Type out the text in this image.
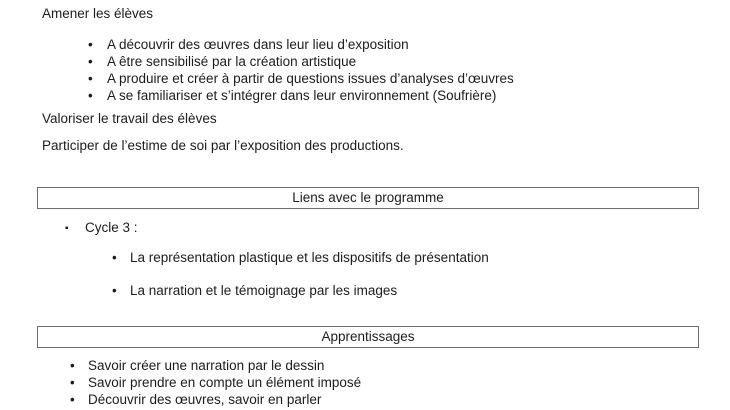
Amener les élèves

• A découvrir des œuvres dans leur lieu d’exposition
• A être sensibilisé par la création artistique
• A produire et créer à partir de questions issues d’analyses d’œuvres
• A se familiariser et s’intégrer dans leur environnement (Soufrière)

Valoriser le travail des élèves

Participer de l’estime de soi par l’exposition des productions.

Liens avec le programme
▪ Cycle 3 :
• La représentation plastique et les dispositifs de présentation
• La narration et le témoignage par les images
Apprentissages
• Savoir créer une narration par le dessin
• Savoir prendre en compte un élément imposé
• Découvrir des œuvres, savoir en parler
